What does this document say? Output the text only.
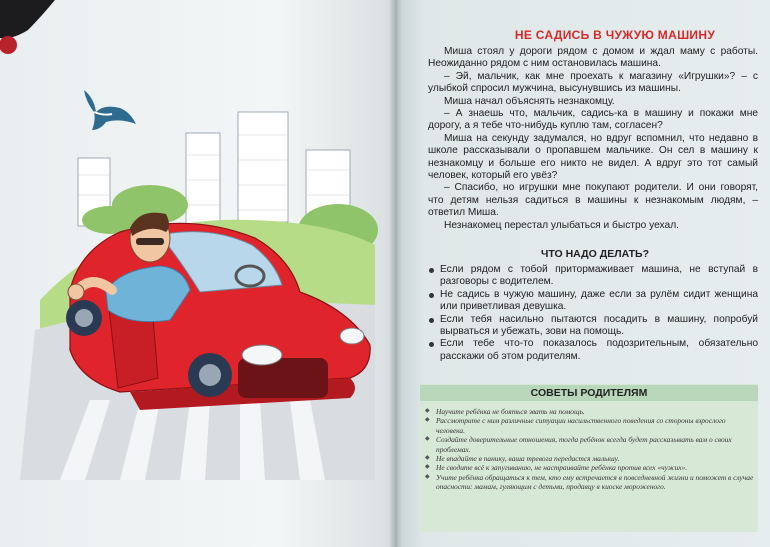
НЕ САДИСЬ В ЧУЖУЮ МАШИНУ

Миша стоял у дороги рядом с домом и ждал маму с работы. Неожиданно рядом с ним остановилась машина.

– Эй, мальчик, как мне проехать к магазину «Игрушки»? – с улыбкой спросил мужчина, высунувшись из машины.

Миша начал объяснять незнакомцу.

– А знаешь что, мальчик, садись-ка в машину и покажи мне дорогу, а я тебе что-нибудь куплю там, согласен?

Миша на секунду задумался, но вдруг вспомнил, что недавно в школе рассказывали о пропавшем мальчике. Он сел в машину к незнакомцу и больше его никто не видел. А вдруг это тот самый человек, который его увёз?

– Спасибо, но игрушки мне покупают родители. И они говорят, что детям нельзя садиться в машины к незнакомым людям, – ответил Миша.

Незнакомец перестал улыбаться и быстро уехал.

ЧТО НАДО ДЕЛАТЬ?
Если рядом с тобой притормаживает машина, не вступай в разговоры с водителем.
Не садись в чужую машину, даже если за рулём сидит женщина или приветливая девушка.
Если тебя насильно пытаются посадить в машину, попробуй вырваться и убежать, зови на помощь.
Если тебе что-то показалось подозрительным, обязательно расскажи об этом родителям.
СОВЕТЫ РОДИТЕЛЯМ
◆ Научите ребёнка не бояться звать на помощь.
◆ Рассмотрите с ним различные ситуации насильственного поведения со стороны взрослого человека.
◆ Создайте доверительные отношения, тогда ребёнок всегда будет рассказывать вам о своих проблемах.
◆ Не впадайте в панику, ваша тревога передастся малышу.
◆ Не сводите всё к запугиванию, не настраивайте ребёнка против всех «чужих».
◆ Учите ребёнка обращаться к тем, кто ему встречается в повседневной жизни и поможет в случае опасности: мамам, гуляющим с детьми, продавцу в киоске мороженого.
